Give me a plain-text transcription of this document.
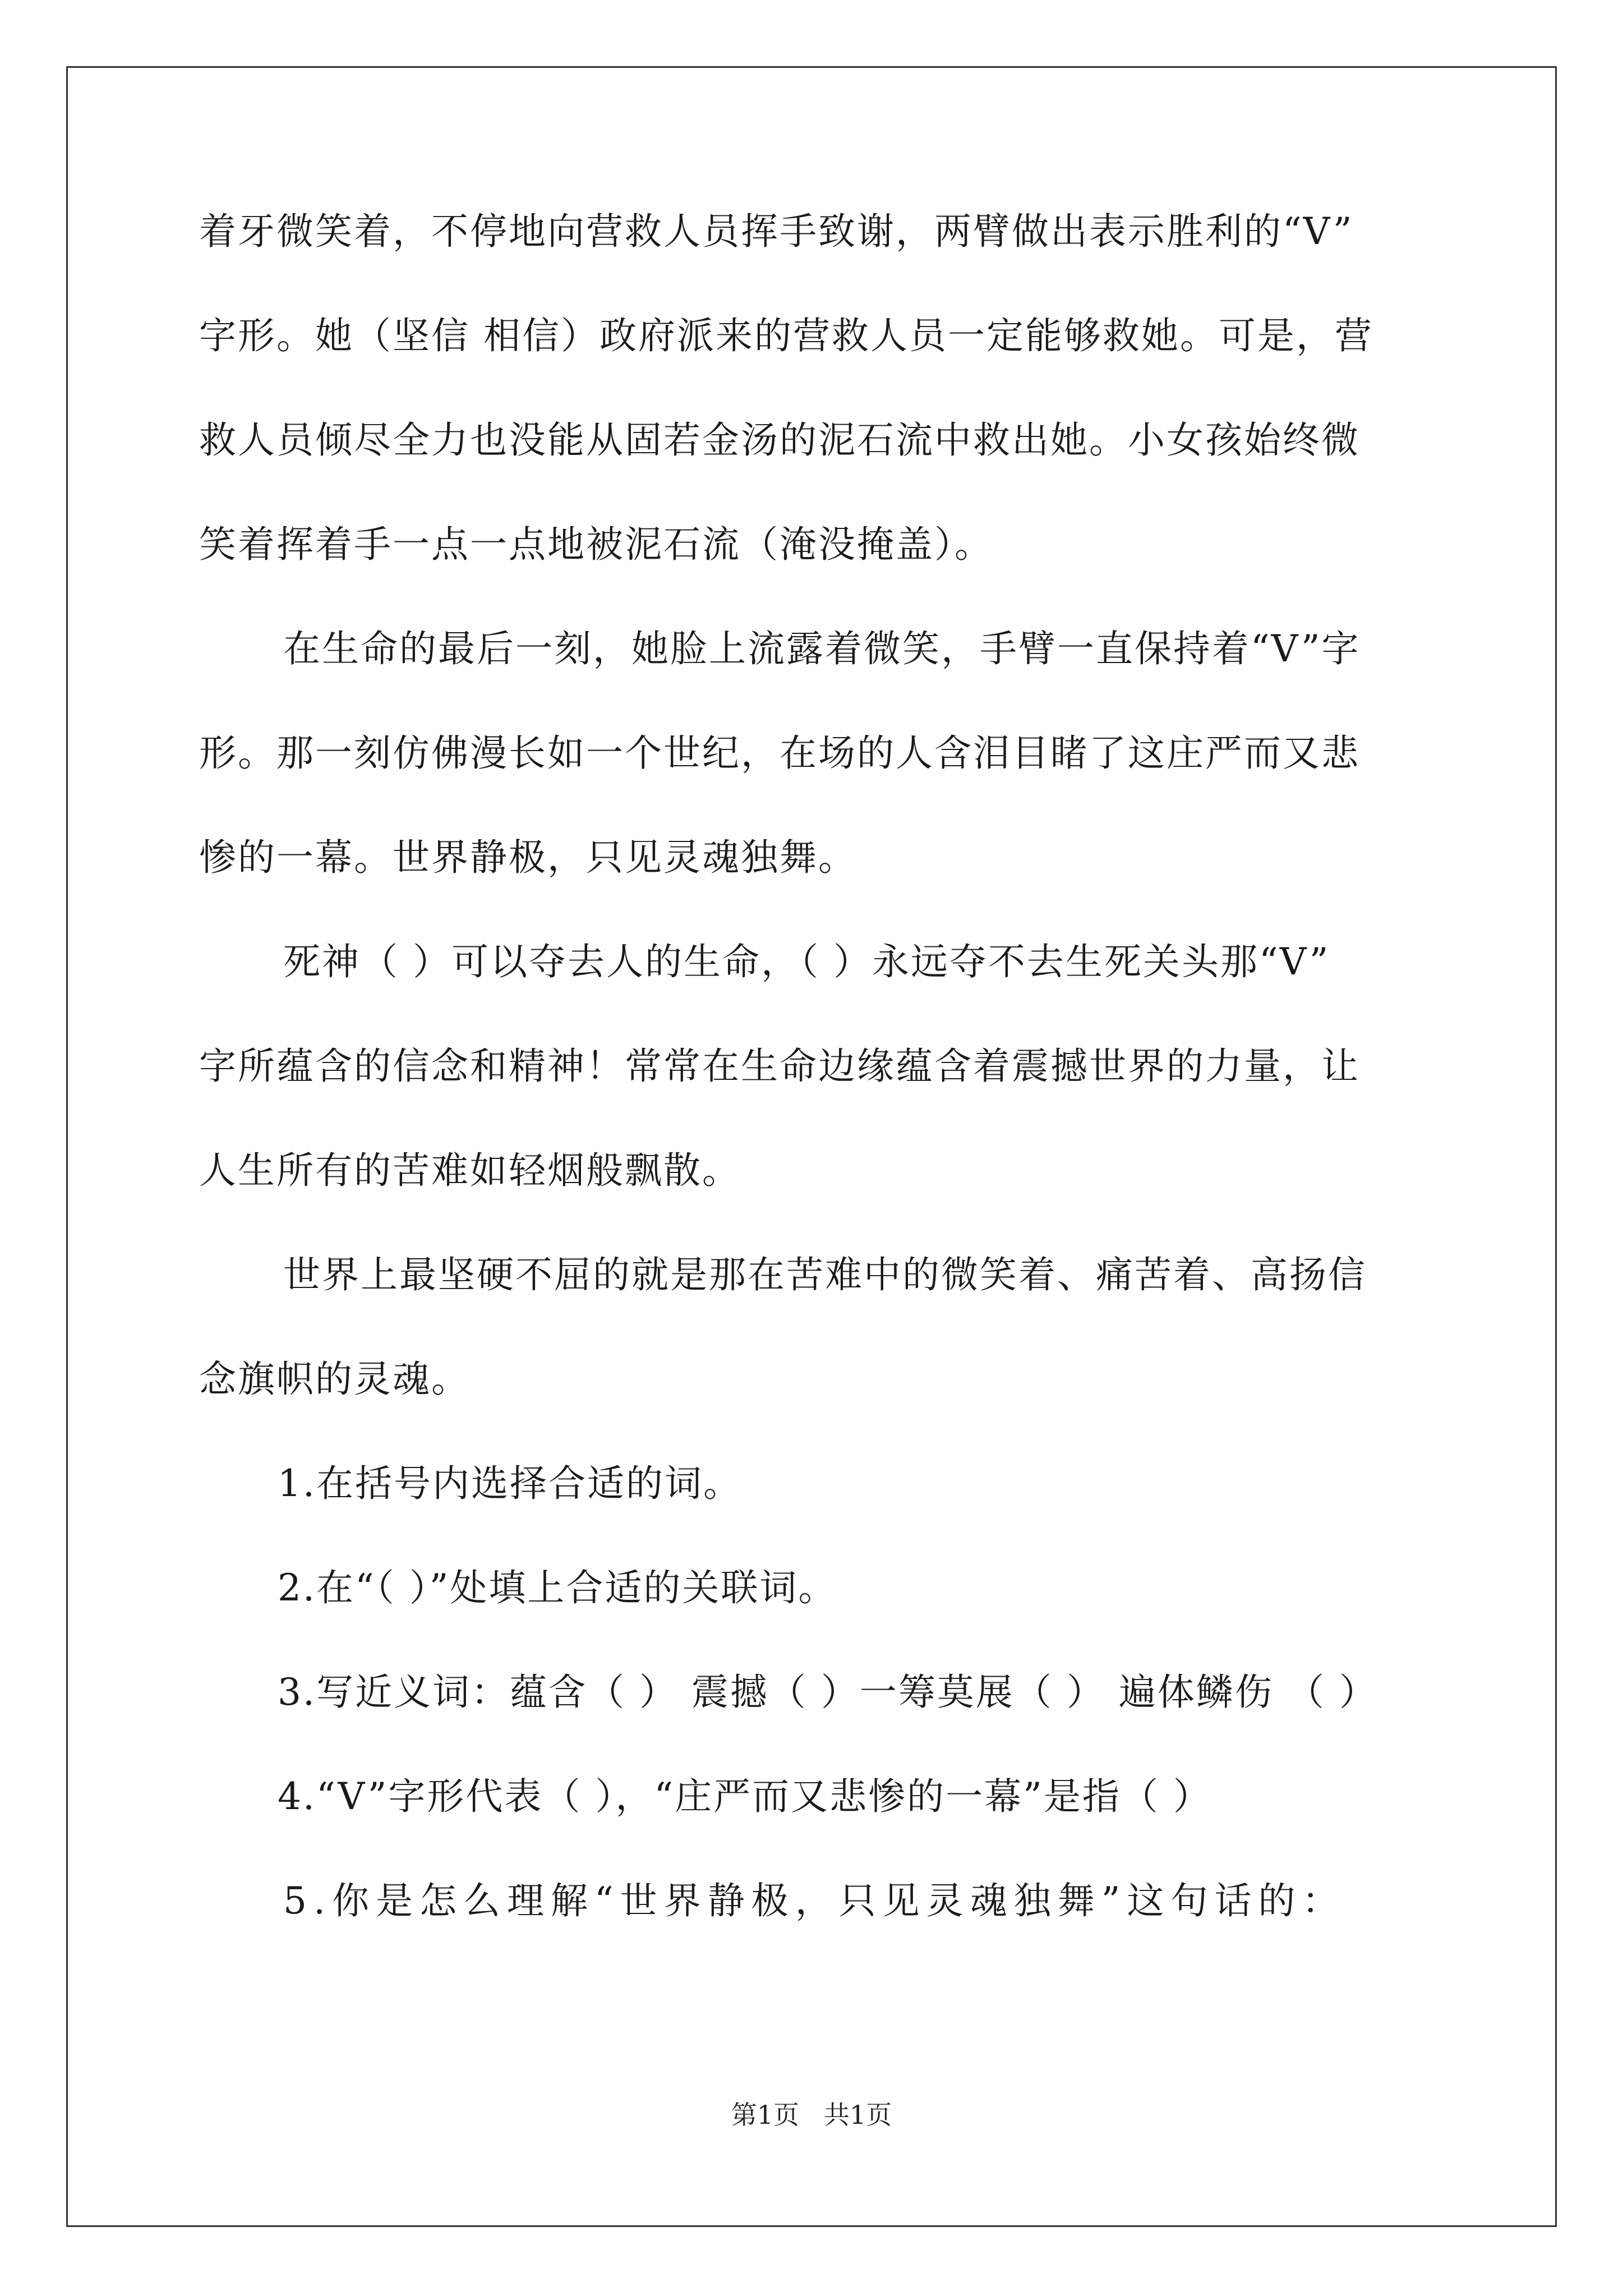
着牙微笑着，不停地向营救人员挥手致谢，两臂做出表示胜利的“V”
字形。她（坚信 相信）政府派来的营救人员一定能够救她。可是，营
救人员倾尽全力也没能从固若金汤的泥石流中救出她。小女孩始终微
笑着挥着手一点一点地被泥石流（淹没掩盖）。
在生命的最后一刻，她脸上流露着微笑，手臂一直保持着“V”字
形。那一刻仿佛漫长如一个世纪，在场的人含泪目睹了这庄严而又悲
惨的一幕。世界静极，只见灵魂独舞。
死神（ ）可以夺去人的生命，（ ）永远夺不去生死关头那“V”
字所蕴含的信念和精神！常常在生命边缘蕴含着震撼世界的力量，让
人生所有的苦难如轻烟般飘散。
世界上最坚硬不屈的就是那在苦难中的微笑着、痛苦着、高扬信
念旗帜的灵魂。
1.在括号内选择合适的词。
2.在“（ ）”处填上合适的关联词。
3.写近义词：蕴含（ ） 震撼（ ）一筹莫展（ ） 遍体鳞伤 （ ）
4.“V”字形代表（ ），“庄严而又悲惨的一幕”是指（ ）
5.你是怎么理解“世界静极，只见灵魂独舞”这句话的：
第1页 共1页
